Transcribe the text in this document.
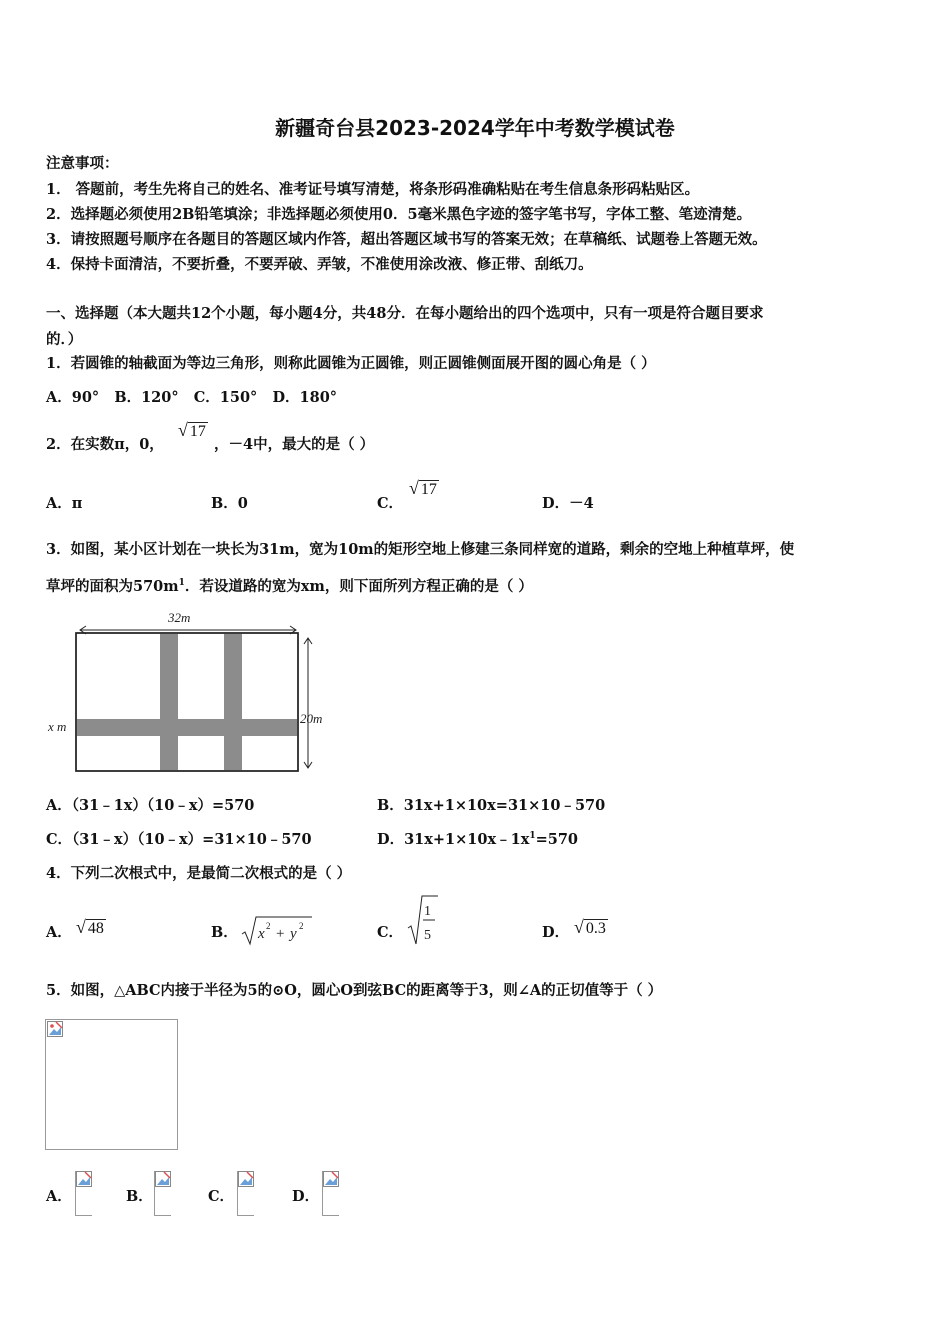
新疆奇台县2023-2024学年中考数学模试卷
注意事项：
1． 答题前，考生先将自己的姓名、准考证号填写清楚，将条形码准确粘贴在考生信息条形码粘贴区。
2．选择题必须使用2B铅笔填涂；非选择题必须使用0．5毫米黑色字迹的签字笔书写，字体工整、笔迹清楚。
3．请按照题号顺序在各题目的答题区域内作答，超出答题区域书写的答案无效；在草稿纸、试题卷上答题无效。
4．保持卡面清洁，不要折叠，不要弄破、弄皱，不准使用涂改液、修正带、刮纸刀。
一、选择题（本大题共12个小题，每小题4分，共48分．在每小题给出的四个选项中，只有一项是符合题目要求
的．）
1．若圆锥的轴截面为等边三角形，则称此圆锥为正圆锥，则正圆锥侧面展开图的圆心角是（ ）
A．90°   B．120°   C．150°   D．180°
2．在实数π，0，
√ 17
，－4中，最大的是（ ）
A．π	B．0	C．
√ 17
D．－4
3．如图，某小区计划在一块长为31m，宽为10m的矩形空地上修建三条同样宽的道路，剩余的空地上种植草坪，使
草坪的面积为$570m^1$．若设道路的宽为xm，则下面所列方程正确的是（ ）
32m
20m
x m
A．（31﹣1x）（10﹣x）=570	B．31x+1×10x=31×10﹣570
C．（31﹣x）（10﹣x）=31×10﹣570	D．$31x+1\times 10x﹣1x^1=570$
4．下列二次根式中，是最简二次根式的是（ ）
A． √ 48	B． x 2 + y 2	C．
1
5	D． √ 0.3
5．如图，△ABC内接于半径为5的⊙O，圆心O到弦BC的距离等于3，则∠A的正切值等于（ ）
A．	B．	C．	D．
